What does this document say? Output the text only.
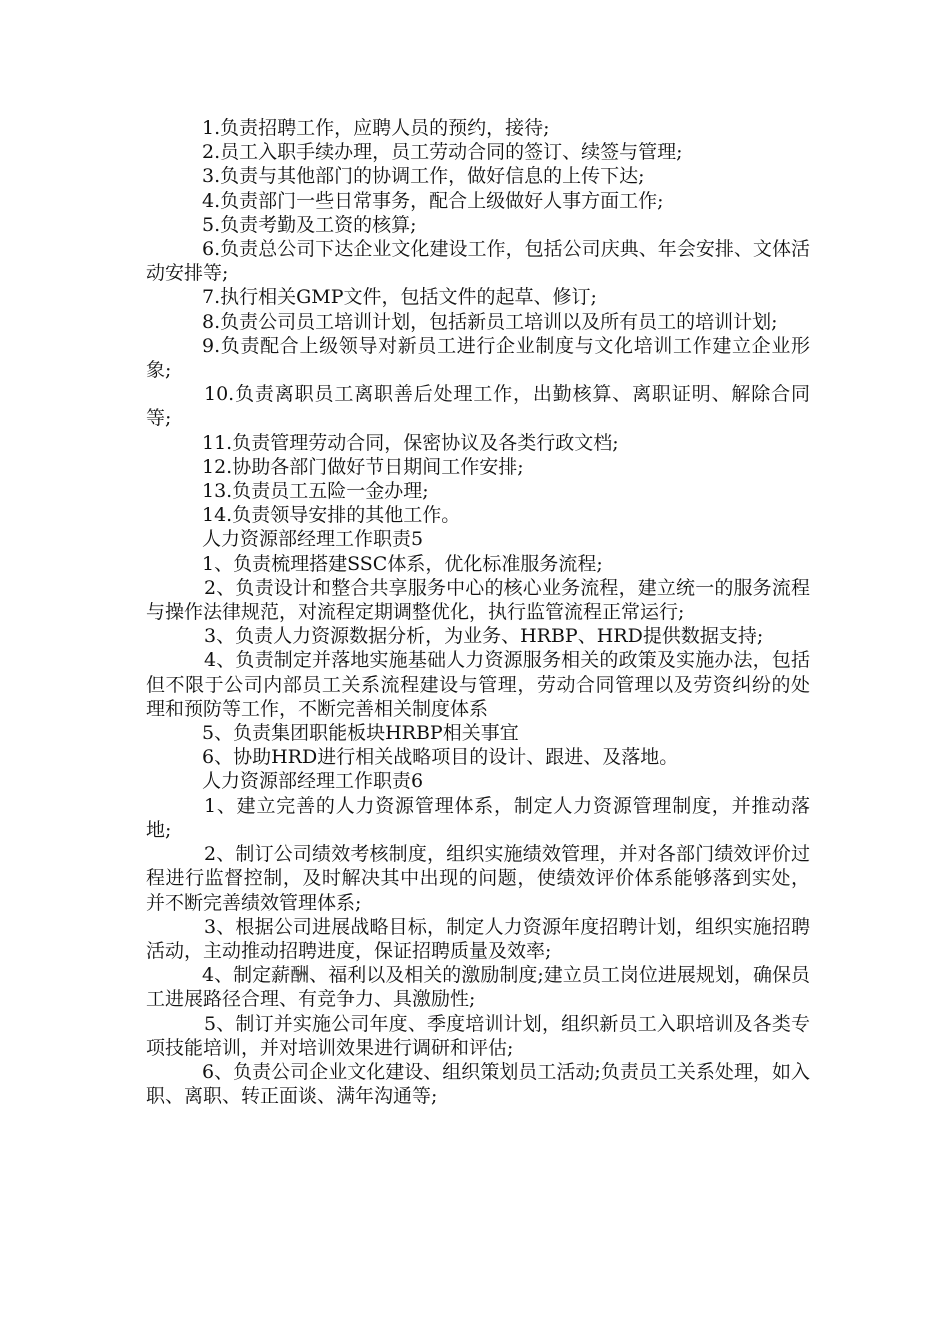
1.负责招聘工作，应聘人员的预约，接待;

2.员工入职手续办理，员工劳动合同的签订、续签与管理;

3.负责与其他部门的协调工作，做好信息的上传下达;

4.负责部门一些日常事务，配合上级做好人事方面工作;

5.负责考勤及工资的核算;

6.负责总公司下达企业文化建设工作，包括公司庆典、年会安排、文体活动安排等;

7.执行相关GMP文件，包括文件的起草、修订;

8.负责公司员工培训计划，包括新员工培训以及所有员工的培训计划;

9.负责配合上级领导对新员工进行企业制度与文化培训工作建立企业形象;

10.负责离职员工离职善后处理工作，出勤核算、离职证明、解除合同等;

11.负责管理劳动合同，保密协议及各类行政文档;

12.协助各部门做好节日期间工作安排;

13.负责员工五险一金办理;

14.负责领导安排的其他工作。

人力资源部经理工作职责5

1、负责梳理搭建SSC体系，优化标准服务流程;

2、负责设计和整合共享服务中心的核心业务流程，建立统一的服务流程与操作法律规范，对流程定期调整优化，执行监管流程正常运行;

3、负责人力资源数据分析，为业务、HRBP、HRD提供数据支持;

4、负责制定并落地实施基础人力资源服务相关的政策及实施办法，包括但不限于公司内部员工关系流程建设与管理，劳动合同管理以及劳资纠纷的处理和预防等工作，不断完善相关制度体系

5、负责集团职能板块HRBP相关事宜

6、协助HRD进行相关战略项目的设计、跟进、及落地。

人力资源部经理工作职责6

1、建立完善的人力资源管理体系，制定人力资源管理制度，并推动落地;

2、制订公司绩效考核制度，组织实施绩效管理，并对各部门绩效评价过程进行监督控制，及时解决其中出现的问题，使绩效评价体系能够落到实处，并不断完善绩效管理体系;

3、根据公司进展战略目标，制定人力资源年度招聘计划，组织实施招聘活动，主动推动招聘进度，保证招聘质量及效率;

4、制定薪酬、福利以及相关的激励制度;建立员工岗位进展规划，确保员工进展路径合理、有竞争力、具激励性;

5、制订并实施公司年度、季度培训计划，组织新员工入职培训及各类专项技能培训，并对培训效果进行调研和评估;

6、负责公司企业文化建设、组织策划员工活动;负责员工关系处理，如入职、离职、转正面谈、满年沟通等;
